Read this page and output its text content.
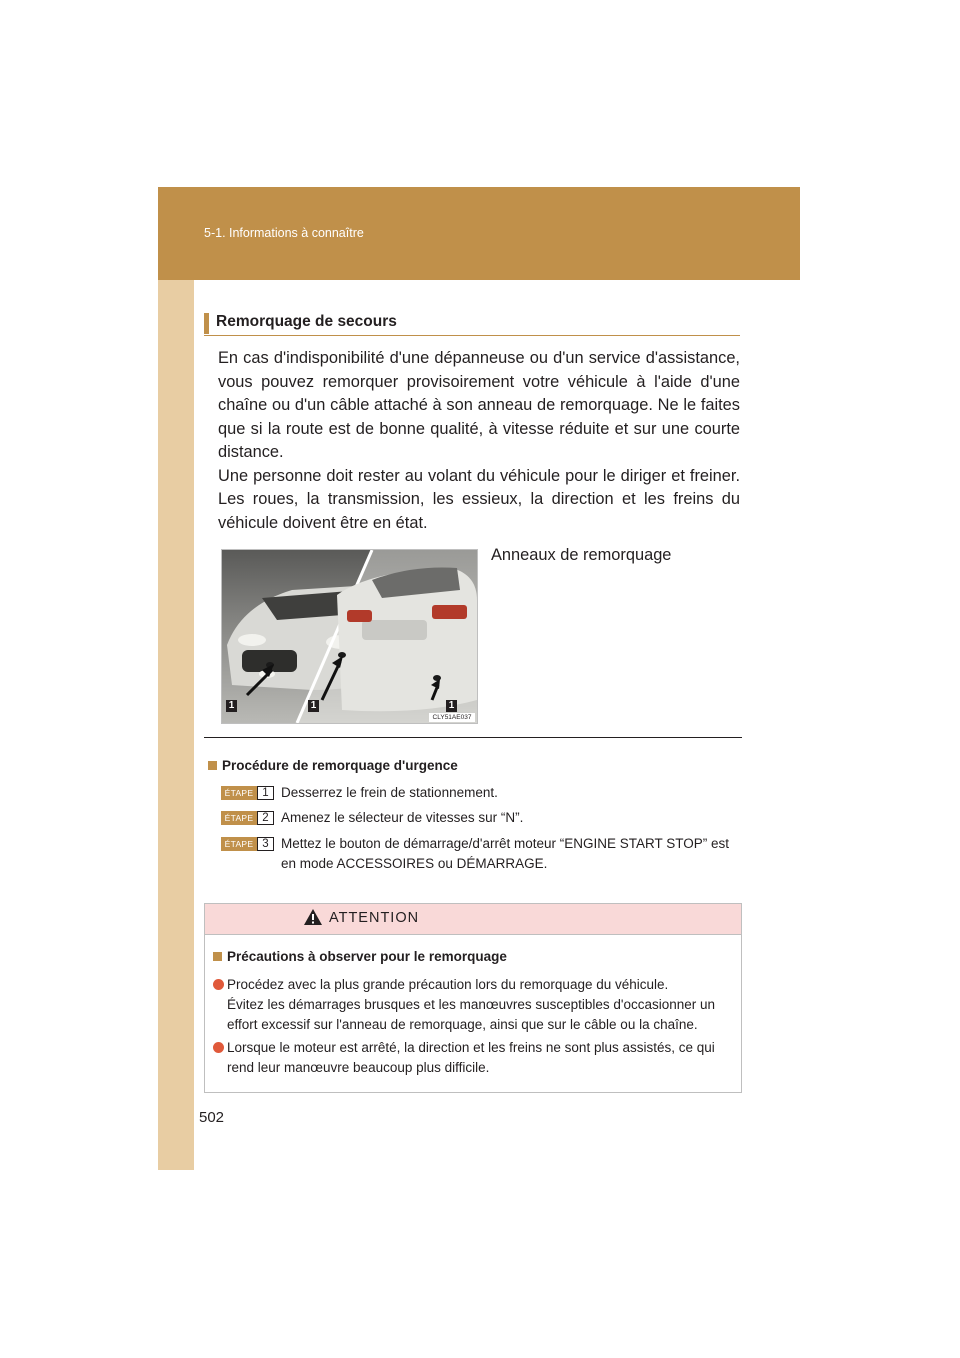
5-1. Informations à connaître
Remorquage de secours

En cas d'indisponibilité d'une dépanneuse ou d'un service d'assistance, vous pouvez remorquer provisoirement votre véhicule à l'aide d'une chaîne ou d'un câble attaché à son anneau de remorquage. Ne le faites que si la route est de bonne qualité, à vitesse réduite et sur une courte distance.

Une personne doit rester au volant du véhicule pour le diriger et freiner. Les roues, la transmission, les essieux, la direction et les freins du véhicule doivent être en état.

1	1	1
CLY51AE037
Anneaux de remorquage
Procédure de remorquage d'urgence
ÉTAPE 1 Desserrez le frein de stationnement.
ÉTAPE 2 Amenez le sélecteur de vitesses sur “N”.
ÉTAPE 3 Mettez le bouton de démarrage/d'arrêt moteur “ENGINE START STOP” est en mode ACCESSOIRES ou DÉMARRAGE.
ATTENTION
Précautions à observer pour le remorquage

Procédez avec la plus grande précaution lors du remorquage du véhicule.

Évitez les démarrages brusques et les manœuvres susceptibles d'occasionner un effort excessif sur l'anneau de remorquage, ainsi que sur le câble ou la chaîne.

Lorsque le moteur est arrêté, la direction et les freins ne sont plus assistés, ce qui rend leur manœuvre beaucoup plus difficile.

502
